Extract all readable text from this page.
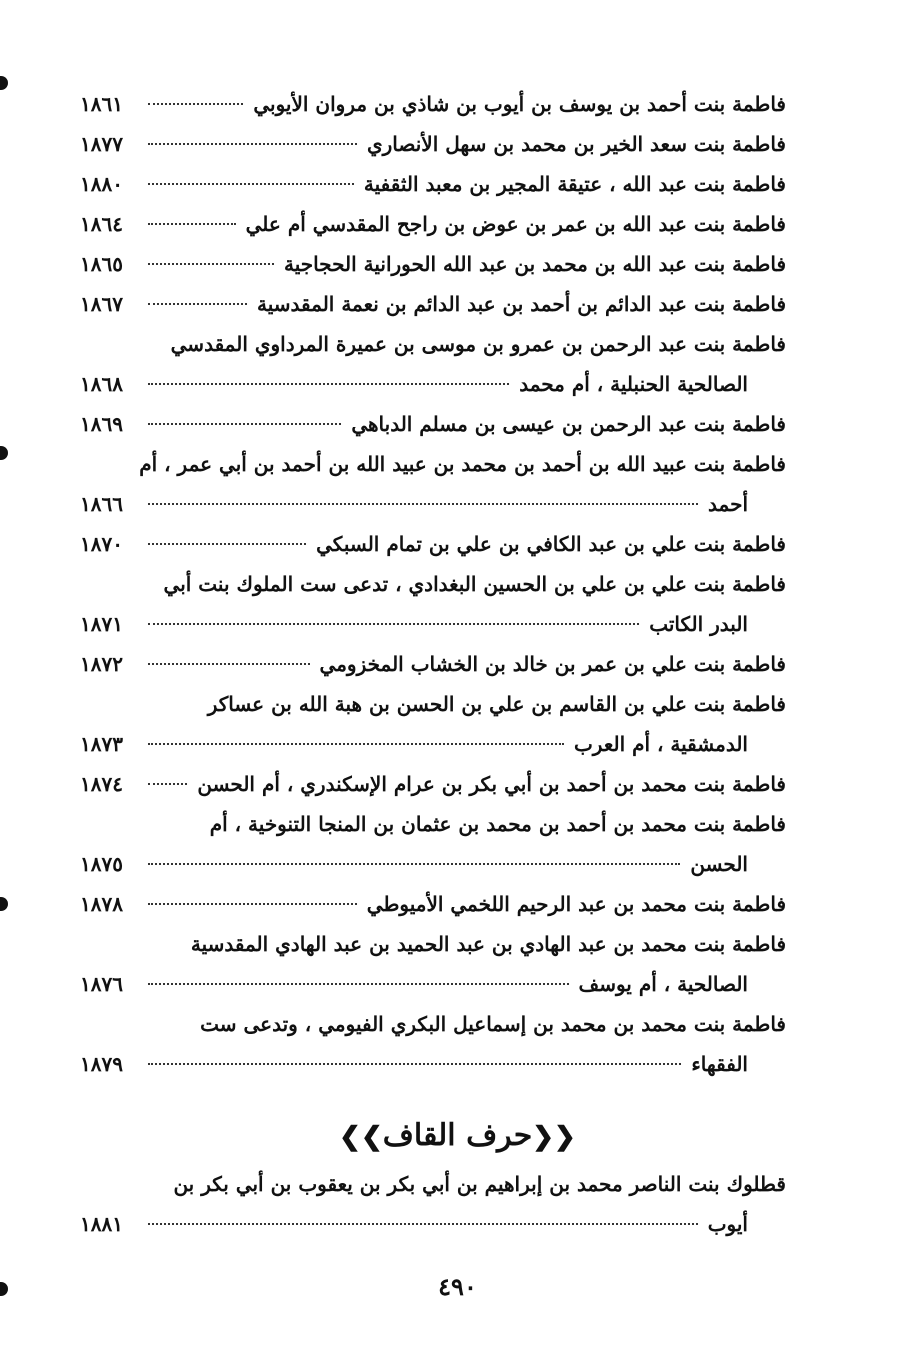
فاطمة بنت أحمد بن يوسف بن أيوب بن شاذي بن مروان الأيوبي
١٨٦١
فاطمة بنت سعد الخير بن محمد بن سهل الأنصاري
١٨٧٧
فاطمة بنت عبد الله ، عتيقة المجير بن معبد الثقفية
١٨٨٠
فاطمة بنت عبد الله بن عمر بن عوض بن راجح المقدسي أم علي
١٨٦٤
فاطمة بنت عبد الله بن محمد بن عبد الله الحورانية الحجاجية
١٨٦٥
فاطمة بنت عبد الدائم بن أحمد بن عبد الدائم بن نعمة المقدسية
١٨٦٧
فاطمة بنت عبد الرحمن بن عمرو بن موسى بن عميرة المرداوي المقدسي
الصالحية الحنبلية ، أم محمد
١٨٦٨
فاطمة بنت عبد الرحمن بن عيسى بن مسلم الدباهي
١٨٦٩
فاطمة بنت عبيد الله بن أحمد بن محمد بن عبيد الله بن أحمد بن أبي عمر ، أم
أحمد
١٨٦٦
فاطمة بنت علي بن عبد الكافي بن علي بن تمام السبكي
١٨٧٠
فاطمة بنت علي بن علي بن الحسين البغدادي ، تدعى ست الملوك بنت أبي
البدر الكاتب
١٨٧١
فاطمة بنت علي بن عمر بن خالد بن الخشاب المخزومي
١٨٧٢
فاطمة بنت علي بن القاسم بن علي بن الحسن بن هبة الله بن عساكر
الدمشقية ، أم العرب
١٨٧٣
فاطمة بنت محمد بن أحمد بن أبي بكر بن عرام الإسكندري ، أم الحسن
١٨٧٤
فاطمة بنت محمد بن أحمد بن محمد بن عثمان بن المنجا التنوخية ، أم
الحسن
١٨٧٥
فاطمة بنت محمد بن عبد الرحيم اللخمي الأميوطي
١٨٧٨
فاطمة بنت محمد بن عبد الهادي بن عبد الحميد بن عبد الهادي المقدسية
الصالحية ، أم يوسف
١٨٧٦
فاطمة بنت محمد بن محمد بن إسماعيل البكري الفيومي ، وتدعى ست
الفقهاء
١٨٧٩
❮❮حرف القاف❯❯
قطلوك بنت الناصر محمد بن إبراهيم بن أبي بكر بن يعقوب بن أبي بكر بن
أيوب
١٨٨١
٤٩٠
